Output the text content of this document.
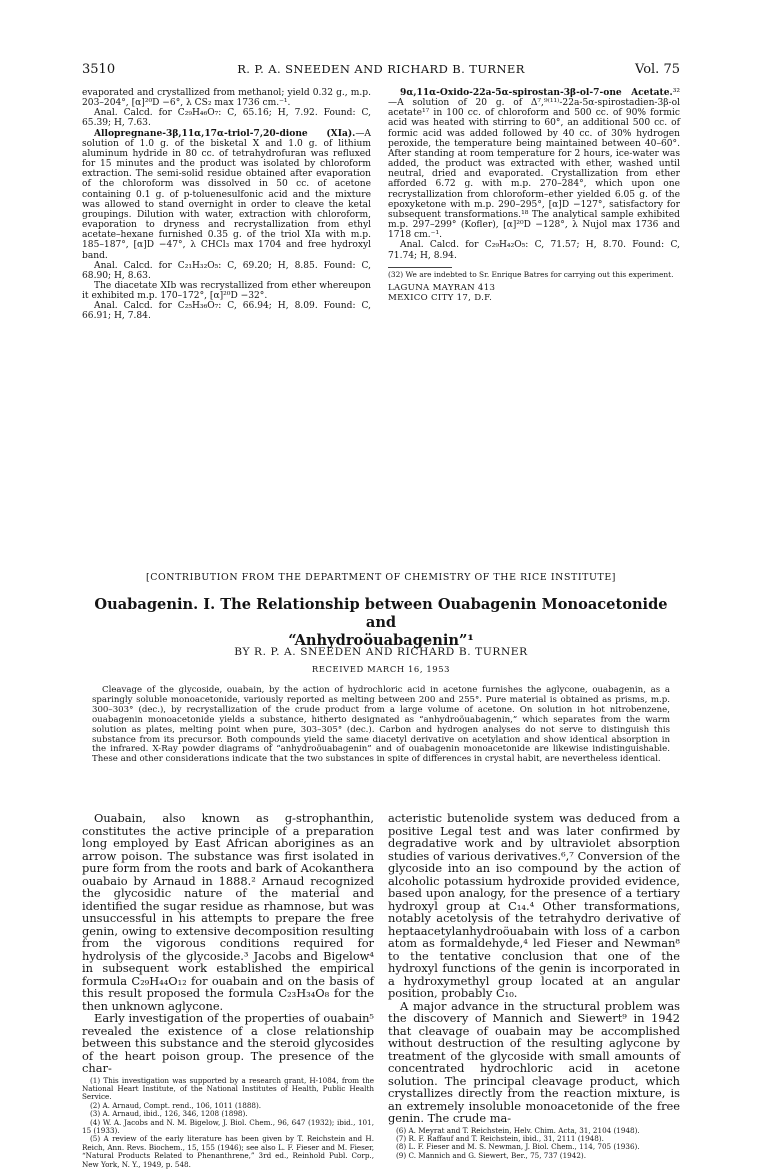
3510	R. P. A. SNEEDEN AND RICHARD B. TURNER	Vol. 75

evaporated and crystallized from methanol; yield 0.32 g., m.p. 203–204°, [α]²⁰D −6°, λ CS₂ max 1736 cm.⁻¹.

Anal. Calcd. for C₂₉H₄₆O₇: C, 65.16; H, 7.92. Found: C, 65.39; H, 7.63.

Allopregnane-3β,11α,17α-triol-7,20-dione (XIa).—A solution of 1.0 g. of the bisketal X and 1.0 g. of lithium aluminum hydride in 80 cc. of tetrahydrofuran was refluxed for 15 minutes and the product was isolated by chloroform extraction. The semi-solid residue obtained after evaporation of the chloroform was dissolved in 50 cc. of acetone containing 0.1 g. of p-toluenesulfonic acid and the mixture was allowed to stand overnight in order to cleave the ketal groupings. Dilution with water, extraction with chloroform, evaporation to dryness and recrystallization from ethyl acetate–hexane furnished 0.35 g. of the triol XIa with m.p. 185–187°, [α]D −47°, λ CHCl₃ max 1704 and free hydroxyl band.

Anal. Calcd. for C₂₁H₃₂O₅: C, 69.20; H, 8.85. Found: C, 68.90; H, 8.63.

The diacetate XIb was recrystallized from ether whereupon it exhibited m.p. 170–172°, [α]²⁰D −32°.

Anal. Calcd. for C₂₅H₃₆O₇: C, 66.94; H, 8.09. Found: C, 66.91; H, 7.84.

9α,11α-Oxido-22a-5α-spirostan-3β-ol-7-one Acetate.³²—A solution of 20 g. of Δ⁷,⁹⁽¹¹⁾-22a-5α-spirostadien-3β-ol acetate¹⁷ in 100 cc. of chloroform and 500 cc. of 90% formic acid was heated with stirring to 60°, an additional 500 cc. of formic acid was added followed by 40 cc. of 30% hydrogen peroxide, the temperature being maintained between 40–60°. After standing at room temperature for 2 hours, ice-water was added, the product was extracted with ether, washed until neutral, dried and evaporated. Crystallization from ether afforded 6.72 g. with m.p. 270–284°, which upon one recrystallization from chloroform–ether yielded 6.05 g. of the epoxyketone with m.p. 290–295°, [α]D −127°, satisfactory for subsequent transformations.¹⁸ The analytical sample exhibited m.p. 297–299° (Kofler), [α]²⁰D −128°, λ Nujol max 1736 and 1718 cm.⁻¹.

Anal. Calcd. for C₂₉H₄₂O₅: C, 71.57; H, 8.70. Found: C, 71.74; H, 8.94.

(32) We are indebted to Sr. Enrique Batres for carrying out this experiment.
LAGUNA MAYRAN 413
MEXICO CITY 17, D.F.
[CONTRIBUTION FROM THE DEPARTMENT OF CHEMISTRY OF THE RICE INSTITUTE]
Ouabagenin. I. The Relationship between Ouabagenin Monoacetonide and
“Anhydroöuabagenin”¹
BY R. P. A. SNEEDEN AND RICHARD B. TURNER
RECEIVED MARCH 16, 1953

Cleavage of the glycoside, ouabain, by the action of hydrochloric acid in acetone furnishes the aglycone, ouabagenin, as a sparingly soluble monoacetonide, variously reported as melting between 200 and 255°. Pure material is obtained as prisms, m.p. 300–303° (dec.), by recrystallization of the crude product from a large volume of acetone. On solution in hot nitrobenzene, ouabagenin monoacetonide yields a substance, hitherto designated as “anhydroöuabagenin,” which separates from the warm solution as plates, melting point when pure, 303–305° (dec.). Carbon and hydrogen analyses do not serve to distinguish this substance from its precursor. Both compounds yield the same diacetyl derivative on acetylation and show identical absorption in the infrared. X-Ray powder diagrams of “anhydroöuabagenin” and of ouabagenin monoacetonide are likewise indistinguishable. These and other considerations indicate that the two substances in spite of differences in crystal habit, are nevertheless identical.

Ouabain, also known as g-strophanthin, constitutes the active principle of a preparation long employed by East African aborigines as an arrow poison. The substance was first isolated in pure form from the roots and bark of Acokanthera ouabaio by Arnaud in 1888.² Arnaud recognized the glycosidic nature of the material and identified the sugar residue as rhamnose, but was unsuccessful in his attempts to prepare the free genin, owing to extensive decomposition resulting from the vigorous conditions required for hydrolysis of the glycoside.³ Jacobs and Bigelow⁴ in subsequent work established the empirical formula C₂₉H₄₄O₁₂ for ouabain and on the basis of this result proposed the formula C₂₃H₃₄O₈ for the then unknown aglycone.

Early investigation of the properties of ouabain⁵ revealed the existence of a close relationship between this substance and the steroid glycosides of the heart poison group. The presence of the char-

(1) This investigation was supported by a research grant, H-1084, from the National Heart Institute, of the National Institutes of Health, Public Health Service.
(2) A. Arnaud, Compt. rend., 106, 1011 (1888).
(3) A. Arnaud, ibid., 126, 346, 1208 (1898).
(4) W. A. Jacobs and N. M. Bigelow, J. Biol. Chem., 96, 647 (1932); ibid., 101, 15 (1933).
(5) A review of the early literature has been given by T. Reichstein and H. Reich, Ann. Revs. Biochem., 15, 155 (1946); see also L. F. Fieser and M. Fieser, “Natural Products Related to Phenanthrene,” 3rd ed., Reinhold Publ. Corp., New York, N. Y., 1949, p. 548.

acteristic butenolide system was deduced from a positive Legal test and was later confirmed by degradative work and by ultraviolet absorption studies of various derivatives.⁶,⁷ Conversion of the glycoside into an iso compound by the action of alcoholic potassium hydroxide provided evidence, based upon analogy, for the presence of a tertiary hydroxyl group at C₁₄.⁴ Other transformations, notably acetolysis of the tetrahydro derivative of heptaacetylanhydroöuabain with loss of a carbon atom as formaldehyde,⁴ led Fieser and Newman⁸ to the tentative conclusion that one of the hydroxyl functions of the genin is incorporated in a hydroxymethyl group located at an angular position, probably C₁₀.

A major advance in the structural problem was the discovery of Mannich and Siewert⁹ in 1942 that cleavage of ouabain may be accomplished without destruction of the resulting aglycone by treatment of the glycoside with small amounts of concentrated hydrochloric acid in acetone solution. The principal cleavage product, which crystallizes directly from the reaction mixture, is an extremely insoluble monoacetonide of the free genin. The crude ma-

(6) A. Meyrat and T. Reichstein, Helv. Chim. Acta, 31, 2104 (1948).
(7) R. F. Raffauf and T. Reichstein, ibid., 31, 2111 (1948).
(8) L. F. Fieser and M. S. Newman, J. Biol. Chem., 114, 705 (1936).
(9) C. Mannich and G. Siewert, Ber., 75, 737 (1942).
